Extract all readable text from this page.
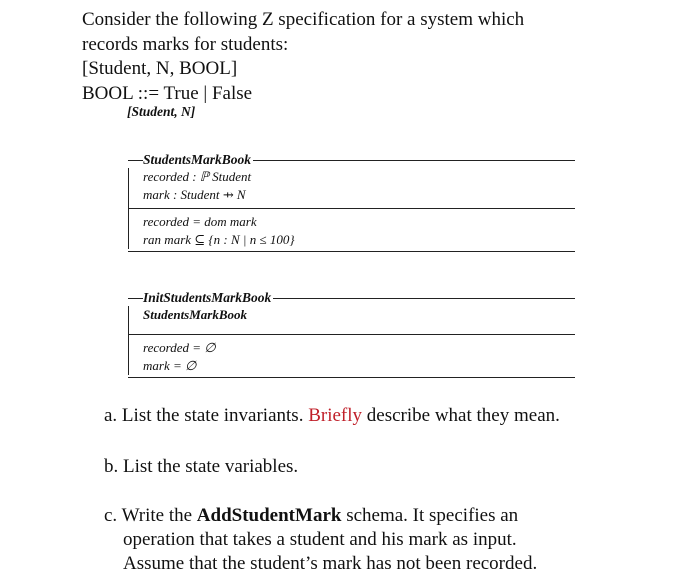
Consider the following Z specification for a system which
records marks for students:
[Student, N, BOOL]
BOOL ::= True | False
[Student, N]
StudentsMarkBook
recorded : ℙ Student
mark : Student ⇸ N
recorded = dom mark
ran mark ⊆ {n : N | n ≤ 100}
InitStudentsMarkBook
StudentsMarkBook
recorded = ∅
mark = ∅
a. List the state invariants. Briefly describe what they mean.
b. List the state variables.
c. Write the AddStudentMark schema. It specifies an
operation that takes a student and his mark as input.
Assume that the student’s mark has not been recorded.
